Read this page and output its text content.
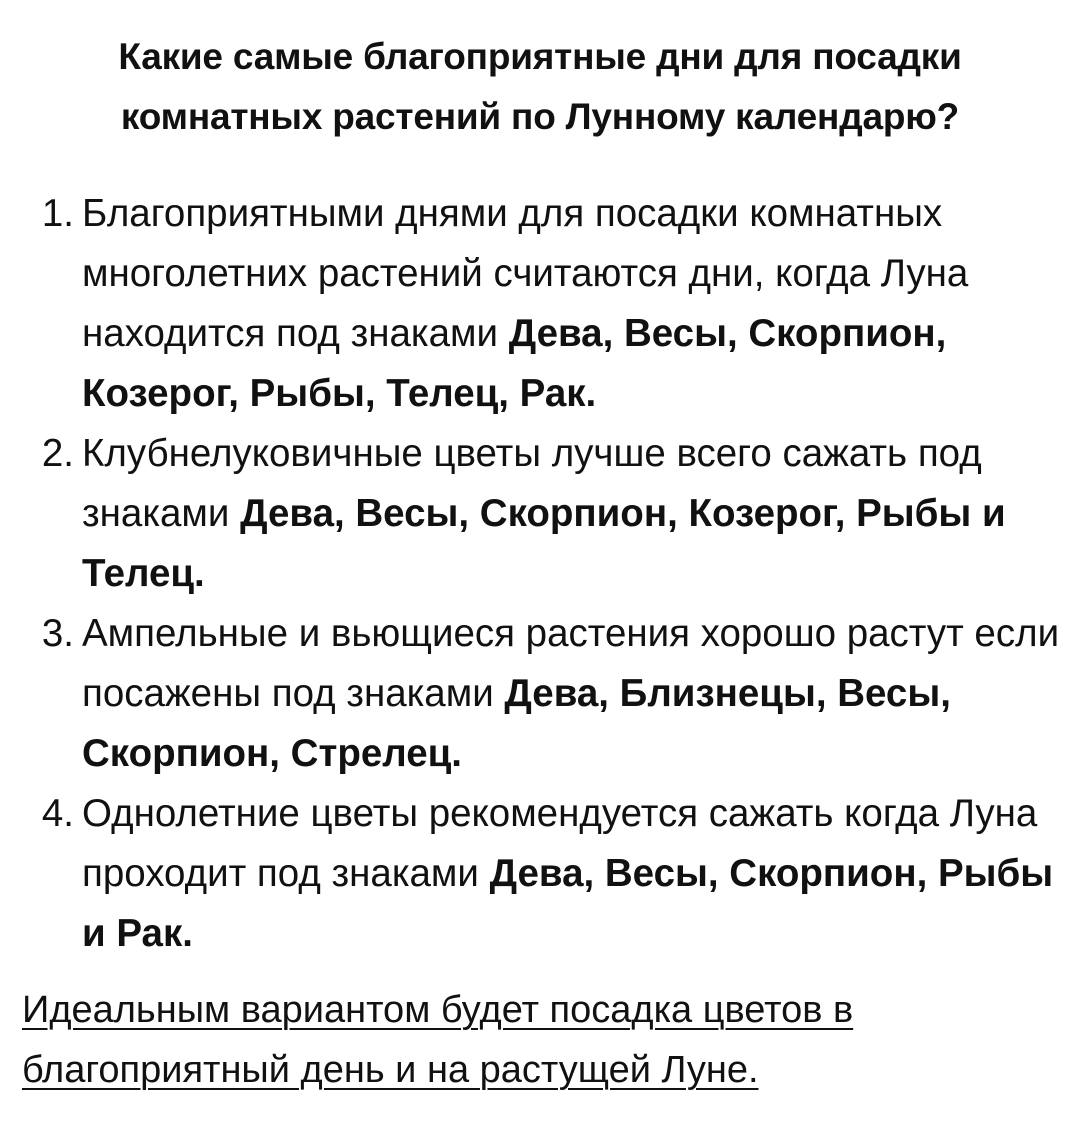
Какие самые благоприятные дни для посадки
комнатных растений по Лунному календарю?
1. Благоприятными днями для посадки комнатных многолетних растений считаются дни, когда Луна находится под знаками Дева, Весы, Скорпион, Козерог, Рыбы, Телец, Рак.
2. Клубнелуковичные цветы лучше всего сажать под знаками Дева, Весы, Скорпион, Козерог, Рыбы и Телец.
3. Ампельные и вьющиеся растения хорошо растут если посажены под знаками Дева, Близнецы, Весы, Скорпион, Стрелец.
4. Однолетние цветы рекомендуется сажать когда Луна проходит под знаками Дева, Весы, Скорпион, Рыбы и Рак.

Идеальным вариантом будет посадка цветов в благоприятный день и на растущей Луне.
